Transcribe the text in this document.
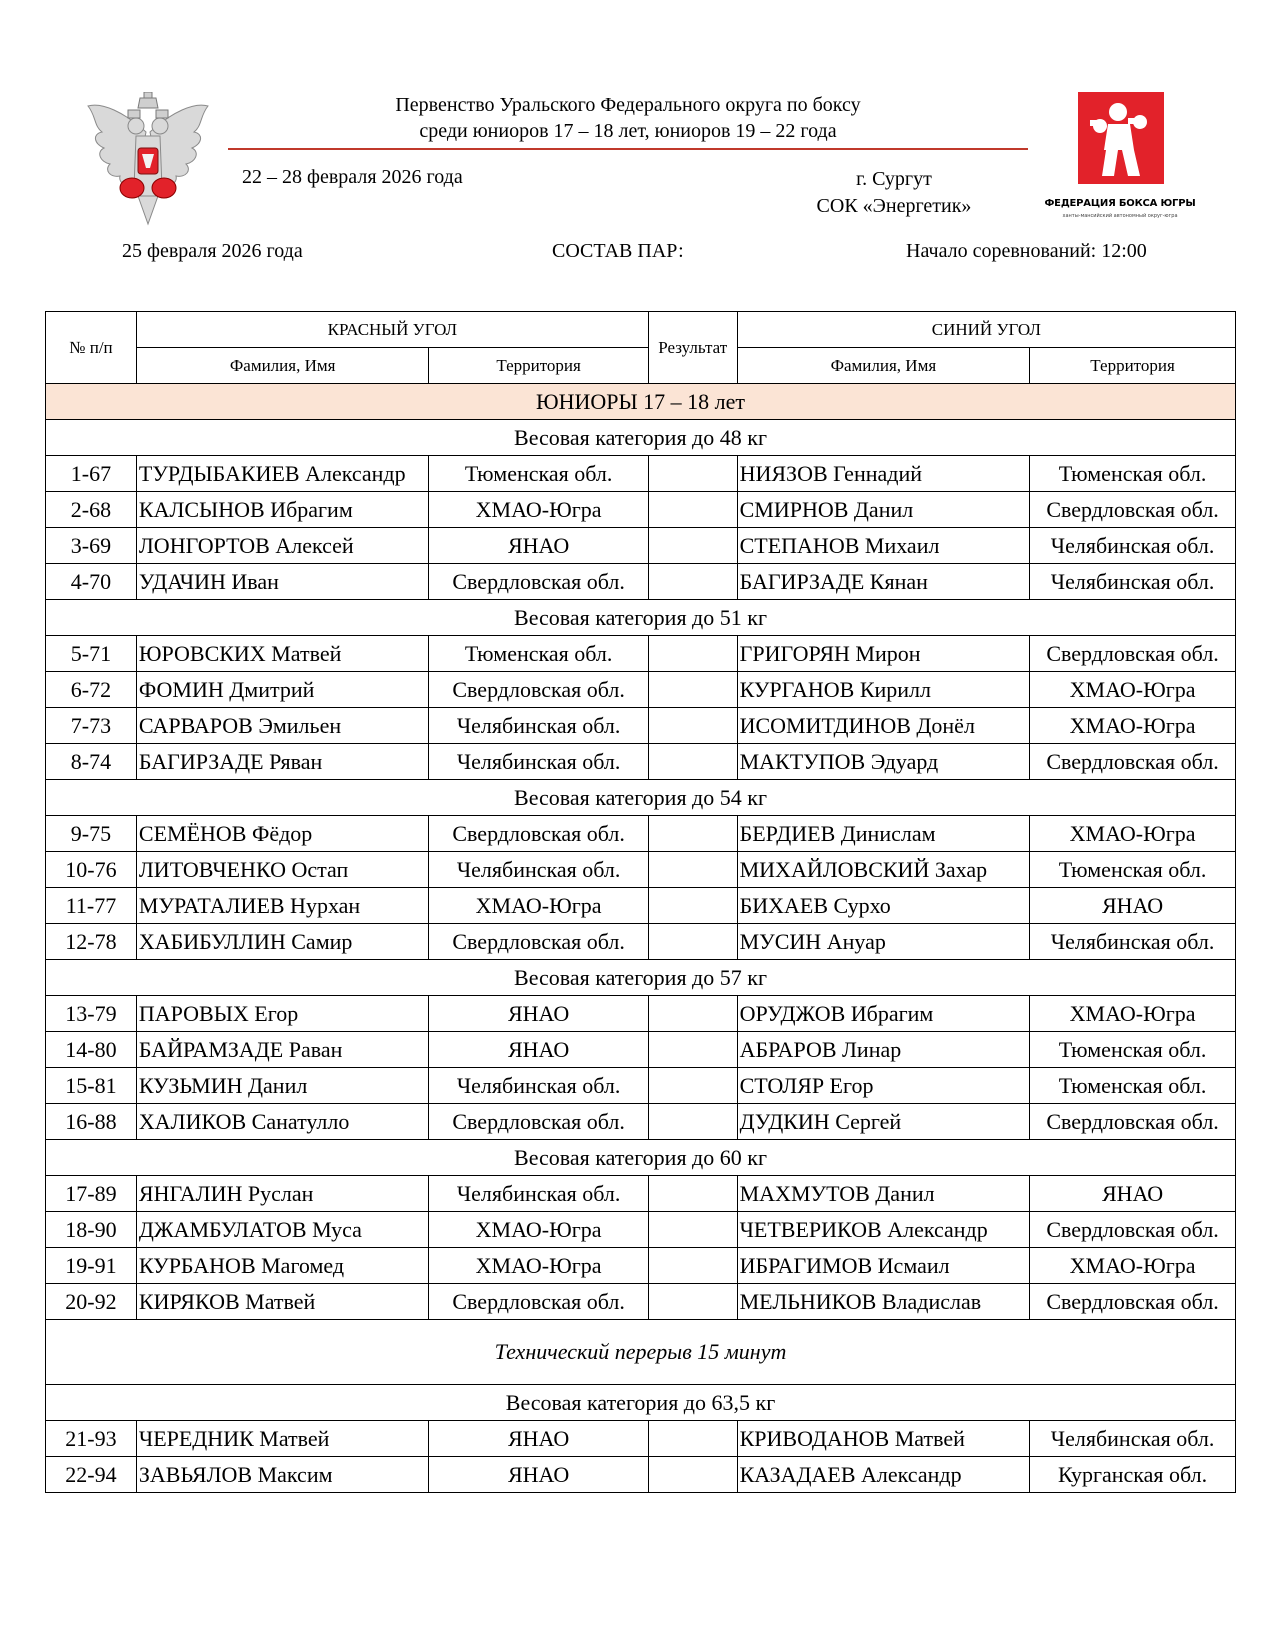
Первенство Уральского Федерального округа по боксу
среди юниоров 17 – 18 лет, юниоров 19 – 22 года
22 – 28 февраля 2026 года	г. Сургут
СОК «Энергетик»	ФЕДЕРАЦИЯ БОКСА ЮГРЫ
ханты-мансийский автономный округ-югра
25 февраля 2026 года	СОСТАВ ПАР:	Начало соревнований: 12:00
№ п/п	КРАСНЫЙ УГОЛ		Результат	СИНИЙ УГОЛ	
	Фамилия, Имя	Территория		Фамилия, Имя	Территория
ЮНИОРЫ 17 – 18 лет					
Весовая категория до 48 кг					
1-67	ТУРДЫБАКИЕВ Александр	Тюменская обл.		НИЯЗОВ Геннадий	Тюменская обл.
2-68	КАЛСЫНОВ Ибрагим	ХМАО-Югра		СМИРНОВ Данил	Свердловская обл.
3-69	ЛОНГОРТОВ Алексей	ЯНАО		СТЕПАНОВ Михаил	Челябинская обл.
4-70	УДАЧИН Иван	Свердловская обл.		БАГИРЗАДЕ Кянан	Челябинская обл.
Весовая категория до 51 кг					
5-71	ЮРОВСКИХ Матвей	Тюменская обл.		ГРИГОРЯН Мирон	Свердловская обл.
6-72	ФОМИН Дмитрий	Свердловская обл.		КУРГАНОВ Кирилл	ХМАО-Югра
7-73	САРВАРОВ Эмильен	Челябинская обл.		ИСОМИТДИНОВ Донёл	ХМАО-Югра
8-74	БАГИРЗАДЕ Ряван	Челябинская обл.		МАКТУПОВ Эдуард	Свердловская обл.
Весовая категория до 54 кг					
9-75	СЕМЁНОВ Фёдор	Свердловская обл.		БЕРДИЕВ Динислам	ХМАО-Югра
10-76	ЛИТОВЧЕНКО Остап	Челябинская обл.		МИХАЙЛОВСКИЙ Захар	Тюменская обл.
11-77	МУРАТАЛИЕВ Нурхан	ХМАО-Югра		БИХАЕВ Сурхо	ЯНАО
12-78	ХАБИБУЛЛИН Самир	Свердловская обл.		МУСИН Ануар	Челябинская обл.
Весовая категория до 57 кг					
13-79	ПАРОВЫХ Егор	ЯНАО		ОРУДЖОВ Ибрагим	ХМАО-Югра
14-80	БАЙРАМЗАДЕ Раван	ЯНАО		АБРАРОВ Линар	Тюменская обл.
15-81	КУЗЬМИН Данил	Челябинская обл.		СТОЛЯР Егор	Тюменская обл.
16-88	ХАЛИКОВ Санатулло	Свердловская обл.		ДУДКИН Сергей	Свердловская обл.
Весовая категория до 60 кг					
17-89	ЯНГАЛИН Руслан	Челябинская обл.		МАХМУТОВ Данил	ЯНАО
18-90	ДЖАМБУЛАТОВ Муса	ХМАО-Югра		ЧЕТВЕРИКОВ Александр	Свердловская обл.
19-91	КУРБАНОВ Магомед	ХМАО-Югра		ИБРАГИМОВ Исмаил	ХМАО-Югра
20-92	КИРЯКОВ Матвей	Свердловская обл.		МЕЛЬНИКОВ Владислав	Свердловская обл.
Технический перерыв 15 минут					
Весовая категория до 63,5 кг					
21-93	ЧЕРЕДНИК Матвей	ЯНАО		КРИВОДАНОВ Матвей	Челябинская обл.
22-94	ЗАВЬЯЛОВ Максим	ЯНАО		КАЗАДАЕВ Александр	Курганская обл.
